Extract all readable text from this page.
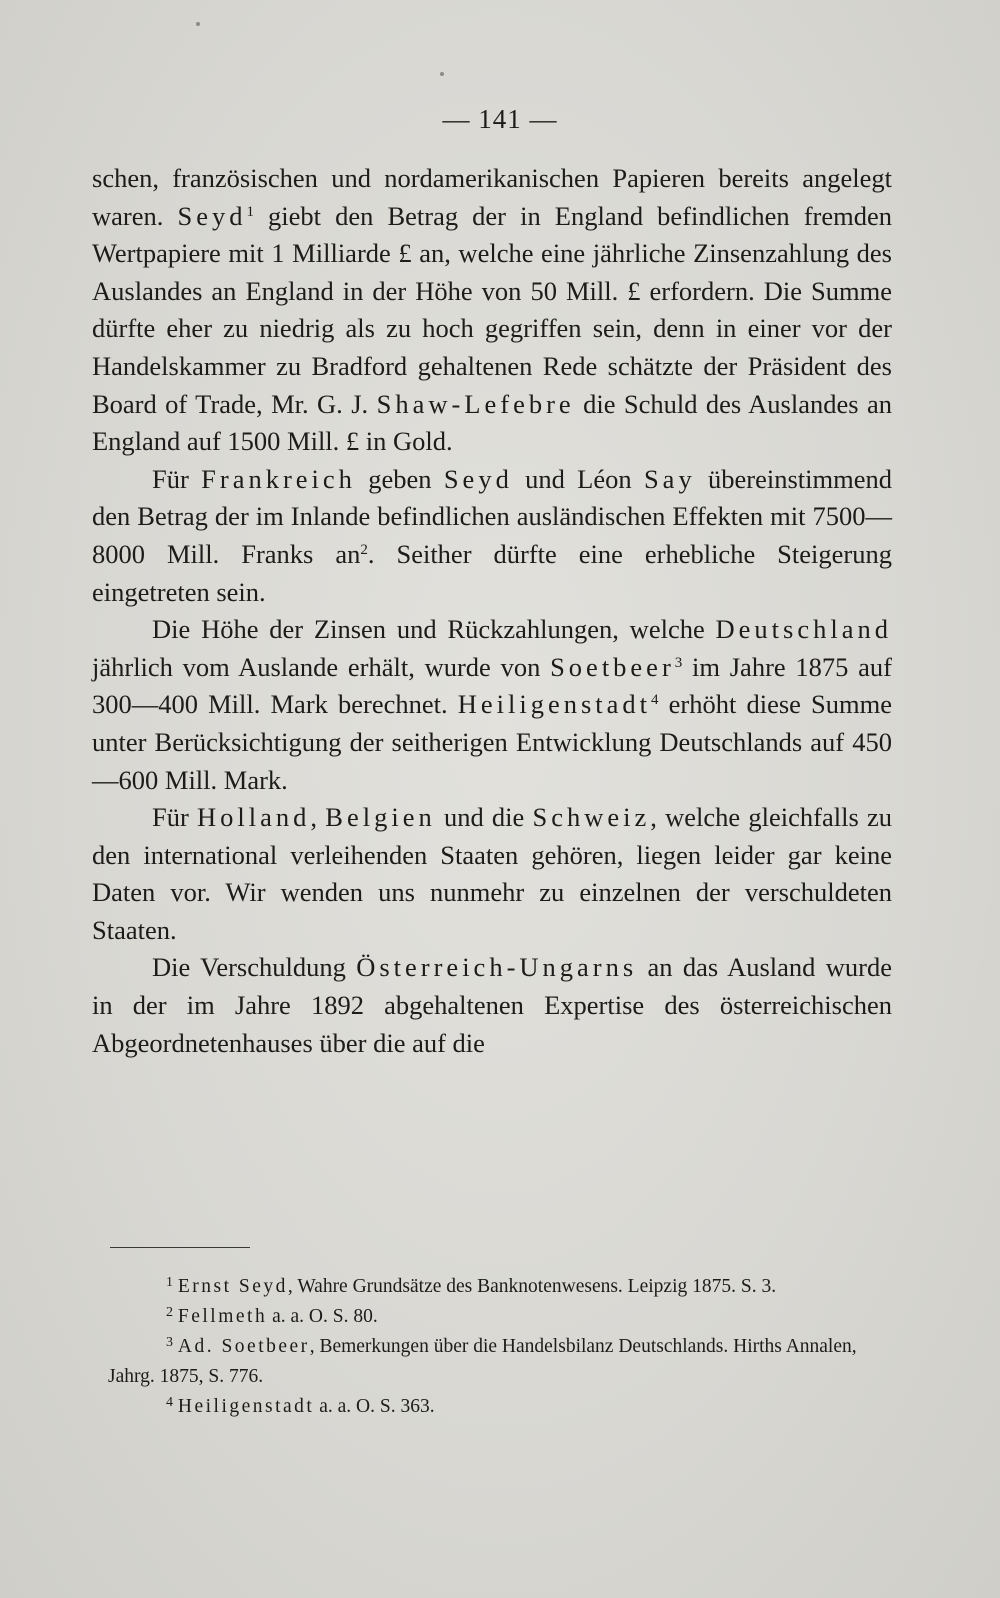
— 141 —

schen, französischen und nordamerikanischen Papieren bereits angelegt waren. Seyd$^1$ giebt den Betrag der in England befindlichen fremden Wertpapiere mit 1 Milliarde £ an, welche eine jährliche Zinsenzahlung des Auslandes an England in der Höhe von 50 Mill. £ erfordern. Die Summe dürfte eher zu niedrig als zu hoch gegriffen sein, denn in einer vor der Handelskammer zu Bradford gehaltenen Rede schätzte der Präsident des Board of Trade, Mr. G. J. Shaw-Lefebre die Schuld des Auslandes an England auf 1500 Mill. £ in Gold.

Für Frankreich geben Seyd und Léon Say übereinstimmend den Betrag der im Inlande befindlichen ausländischen Effekten mit 7500—8000 Mill. Franks $an^2$. Seither dürfte eine erhebliche Steigerung eingetreten sein.

Die Höhe der Zinsen und Rückzahlungen, welche Deutschland jährlich vom Auslande erhält, wurde von Soetbeer$^3$ im Jahre 1875 auf 300—400 Mill. Mark berechnet. Heiligenstadt$^4$ erhöht diese Summe unter Berücksichtigung der seitherigen Entwicklung Deutschlands auf 450—600 Mill. Mark.

Für Holland, Belgien und die Schweiz, welche gleichfalls zu den international verleihenden Staaten gehören, liegen leider gar keine Daten vor. Wir wenden uns nunmehr zu einzelnen der verschuldeten Staaten.

Die Verschuldung Österreich-Ungarns an das Ausland wurde in der im Jahre 1892 abgehaltenen Expertise des österreichischen Abgeordnetenhauses über die auf die

$^1$ Ernst Seyd, Wahre Grundsätze des Banknotenwesens. Leipzig 1875. S. 3.

$^2$ Fellmeth a. a. O. S. 80.

$^3$ Ad. Soetbeer, Bemerkungen über die Handelsbilanz Deutschlands. Hirths Annalen, Jahrg. 1875, S. 776.

$^4$ Heiligenstadt a. a. O. S. 363.
